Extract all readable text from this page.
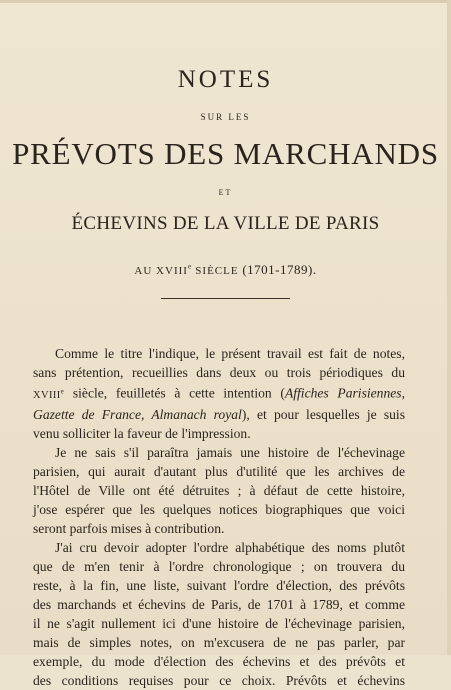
NOTES
SUR LES
PRÉVOTS DES MARCHANDS
ET
ÉCHEVINS DE LA VILLE DE PARIS
AU XVIIIe SIÈCLE (1701-1789).
Comme le titre l'indique, le présent travail est fait de notes,
sans prétention, recueillies dans deux ou trois périodiques du
XVIIIe siècle, feuilletés à cette intention (Affiches Parisiennes,
Gazette de France, Almanach royal), et pour lesquelles je suis
venu solliciter la faveur de l'impression.
Je ne sais s'il paraîtra jamais une histoire de l'échevinage
parisien, qui aurait d'autant plus d'utilité que les archives de
l'Hôtel de Ville ont été détruites ; à défaut de cette histoire,
j'ose espérer que les quelques notices biographiques que voici
seront parfois mises à contribution.
J'ai cru devoir adopter l'ordre alphabétique des noms plutôt
que de m'en tenir à l'ordre chronologique ; on trouvera du
reste, à la fin, une liste, suivant l'ordre d'élection, des prévôts
des marchands et échevins de Paris, de 1701 à 1789, et comme
il ne s'agit nullement ici d'une histoire de l'échevinage parisien,
mais de simples notes, on m'excusera de ne pas parler, par
exemple, du mode d'élection des échevins et des prévôts et
des conditions requises pour ce choix. Prévôts et échevins
